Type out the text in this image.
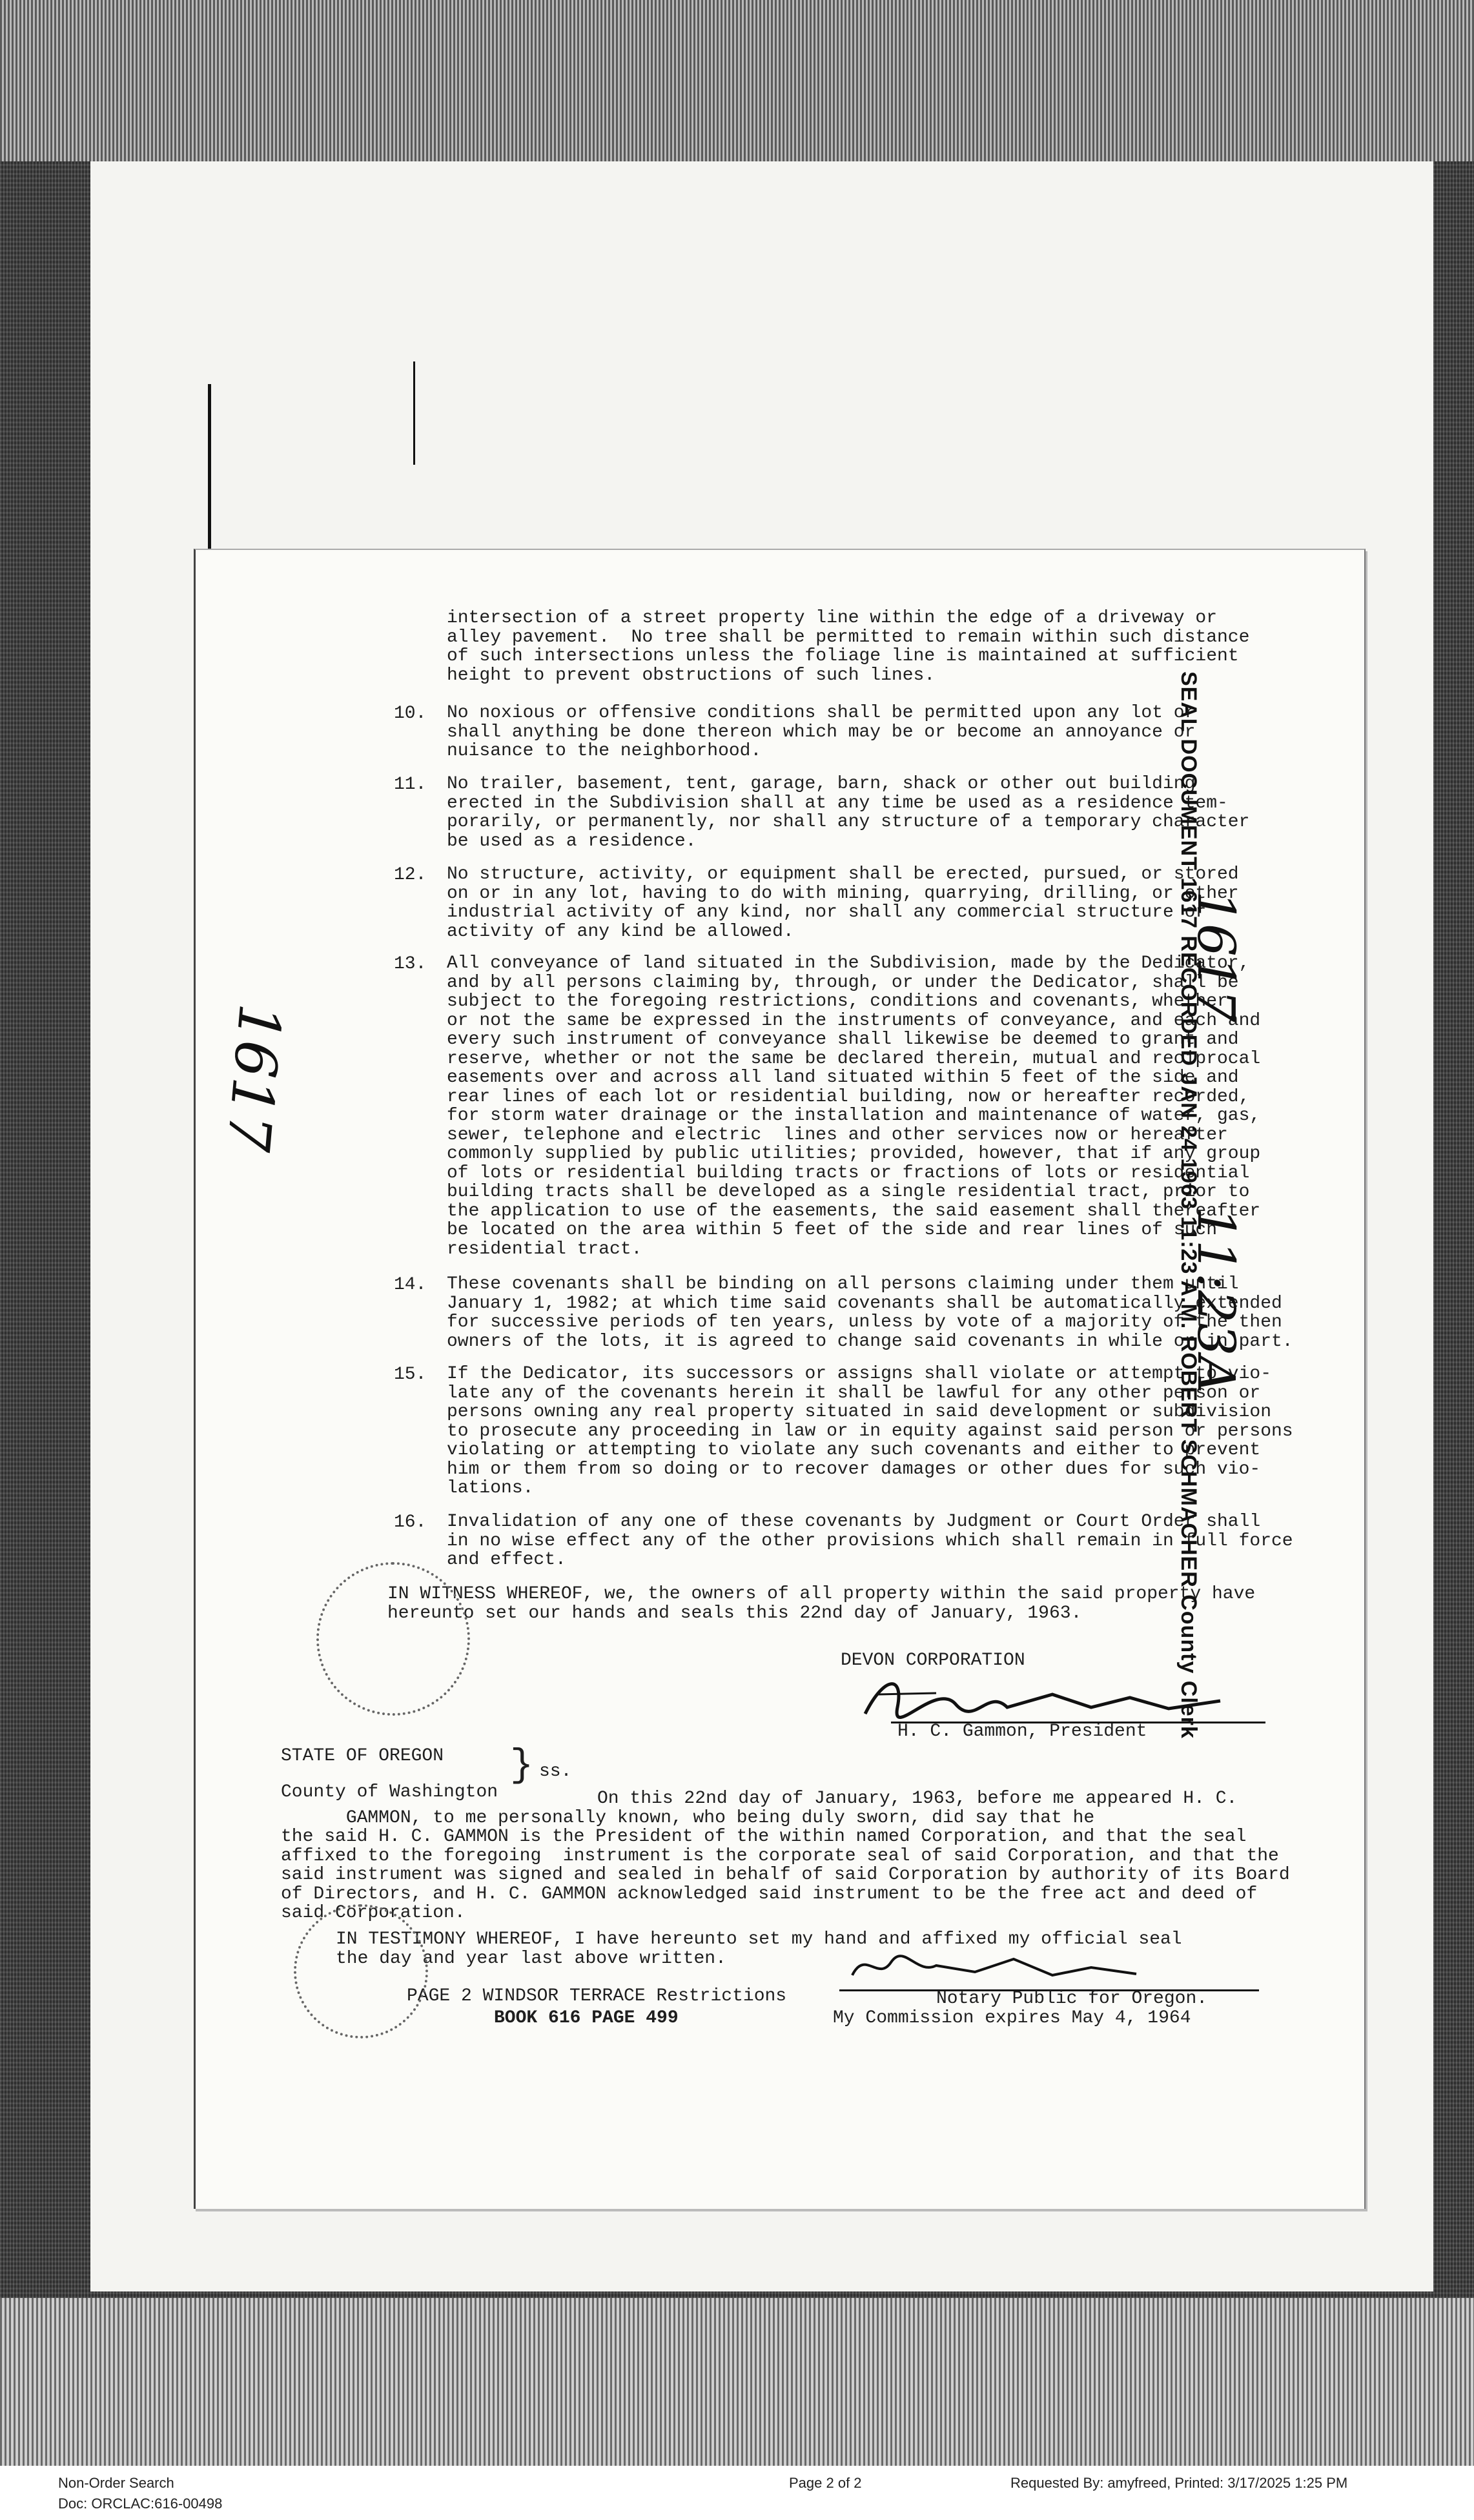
intersection of a street property line within the edge of a driveway or
alley pavement.  No tree shall be permitted to remain within such distance
of such intersections unless the foliage line is maintained at sufficient
height to prevent obstructions of such lines.
10. No noxious or offensive conditions shall be permitted upon any lot or
shall anything be done thereon which may be or become an annoyance or
nuisance to the neighborhood.
11. No trailer, basement, tent, garage, barn, shack or other out building
erected in the Subdivision shall at any time be used as a residence tem-
porarily, or permanently, nor shall any structure of a temporary character
be used as a residence.
12. No structure, activity, or equipment shall be erected, pursued, or stored
on or in any lot, having to do with mining, quarrying, drilling, or other
industrial activity of any kind, nor shall any commercial structure or
activity of any kind be allowed.
13. All conveyance of land situated in the Subdivision, made by the Dedicator,
and by all persons claiming by, through, or under the Dedicator, shall be
subject to the foregoing restrictions, conditions and covenants, whether
or not the same be expressed in the instruments of conveyance, and each and
every such instrument of conveyance shall likewise be deemed to grant and
reserve, whether or not the same be declared therein, mutual and reciprocal
easements over and across all land situated within 5 feet of the side and
rear lines of each lot or residential building, now or hereafter recorded,
for storm water drainage or the installation and maintenance of water, gas,
sewer, telephone and electric  lines and other services now or hereafter
commonly supplied by public utilities; provided, however, that if any group
of lots or residential building tracts or fractions of lots or residential
building tracts shall be developed as a single residential tract, prior to
the application to use of the easements, the said easement shall thereafter
be located on the area within 5 feet of the side and rear lines of such
residential tract.
14. These covenants shall be binding on all persons claiming under them until
January 1, 1982; at which time said covenants shall be automatically extended
for successive periods of ten years, unless by vote of a majority of the then
owners of the lots, it is agreed to change said covenants in while or in part.
15. If the Dedicator, its successors or assigns shall violate or attempt to vio-
late any of the covenants herein it shall be lawful for any other person or
persons owning any real property situated in said development or subdivision
to prosecute any proceeding in law or in equity against said person or persons
violating or attempting to violate any such covenants and either to prevent
him or them from so doing or to recover damages or other dues for such vio-
lations.
16. Invalidation of any one of these covenants by Judgment or Court Order shall
in no wise effect any of the other provisions which shall remain in full force
and effect.
IN WITNESS WHEREOF, we, the owners of all property within the said property have
hereunto set our hands and seals this 22nd day of January, 1963.
DEVON CORPORATION
H. C. Gammon, President
STATE OF OREGON } ss.
County of Washington	On this 22nd day of January, 1963, before me appeared H. C.
GAMMON, to me personally known, who being duly sworn, did say that he
the said H. C. GAMMON is the President of the within named Corporation, and that the seal
affixed to the foregoing  instrument is the corporate seal of said Corporation, and that the
said instrument was signed and sealed in behalf of said Corporation by authority of its Board
of Directors, and H. C. GAMMON acknowledged said instrument to be the free act and deed of
said Corporation.
IN TESTIMONY WHEREOF, I have hereunto set my hand and affixed my official seal
the day and year last above written.
Notary Public for Oregon.
My Commission expires May 4, 1964
PAGE 2 WINDSOR TERRACE Restrictions
BOOK 616 PAGE 499
1617	SEAL DOCUMENT 1617 RECORDED JAN 24 1963 11:23 A.M. ROBERT SCHMACHER County Clerk
1617
11:23A
Non-Order Search
Doc: ORCLAC:616-00498
Page 2 of 2	Requested By: amyfreed, Printed: 3/17/2025 1:25 PM
